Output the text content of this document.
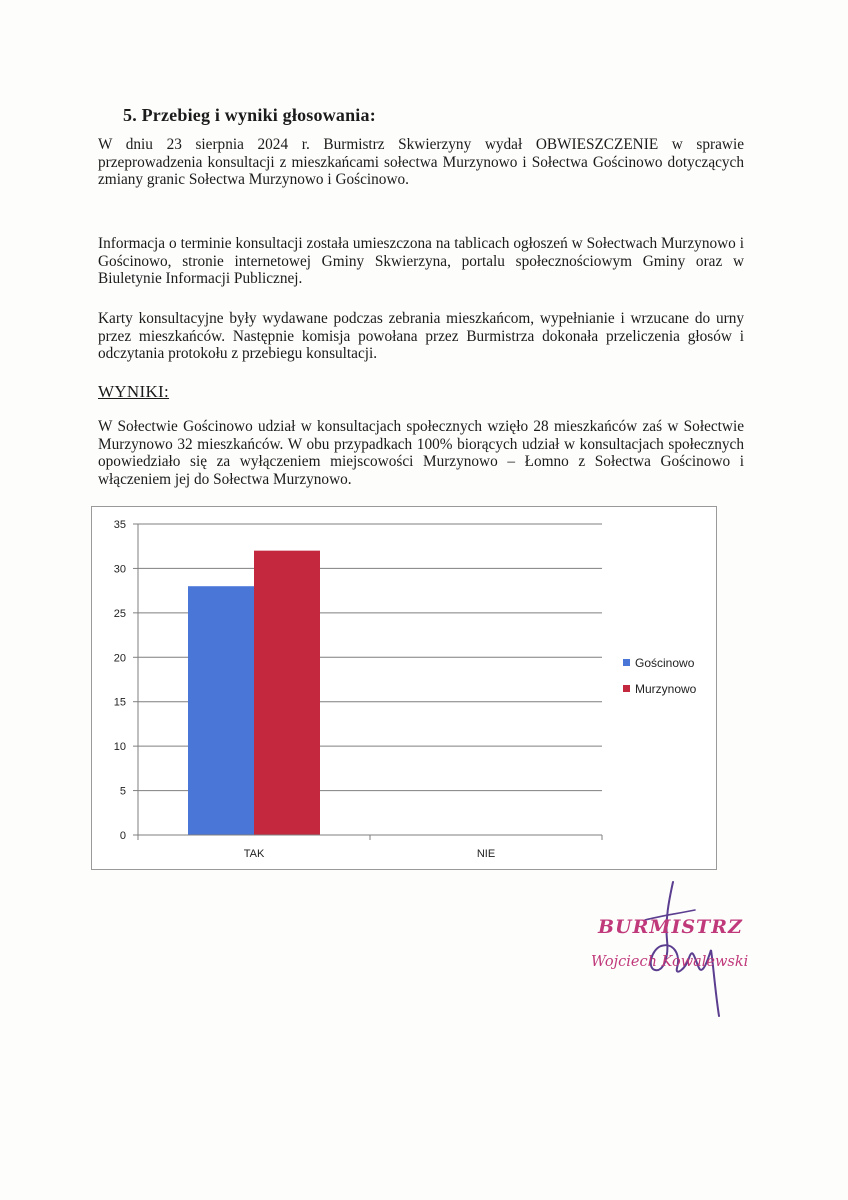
5. Przebieg i wyniki głosowania:

W dniu 23 sierpnia 2024 r. Burmistrz Skwierzyny wydał OBWIESZCZENIE w sprawie przeprowadzenia konsultacji z mieszkańcami sołectwa Murzynowo i Sołectwa Gościnowo dotyczących zmiany granic Sołectwa Murzynowo i Gościnowo.

Informacja o terminie konsultacji została umieszczona na tablicach ogłoszeń w Sołectwach Murzynowo i Gościnowo, stronie internetowej Gminy Skwierzyna, portalu społecznościowym Gminy oraz w Biuletynie Informacji Publicznej.

Karty konsultacyjne były wydawane podczas zebrania mieszkańcom, wypełnianie i wrzucane do urny przez mieszkańców. Następnie komisja powołana przez Burmistrza dokonała przeliczenia głosów i odczytania protokołu z przebiegu konsultacji.

WYNIKI:

W Sołectwie Gościnowo udział w konsultacjach społecznych wzięło 28 mieszkańców zaś w Sołectwie Murzynowo 32 mieszkańców. W obu przypadkach 100% biorących udział w konsultacjach społecznych opowiedziało się za wyłączeniem miejscowości Murzynowo – Łomno z Sołectwa Gościnowo i włączeniem jej do Sołectwa Murzynowo.

0
5
10
15
20
25
30
35
TAK	NIE
Gościnowo
Murzynowo
BURMISTRZ
Wojciech Kowalewski
